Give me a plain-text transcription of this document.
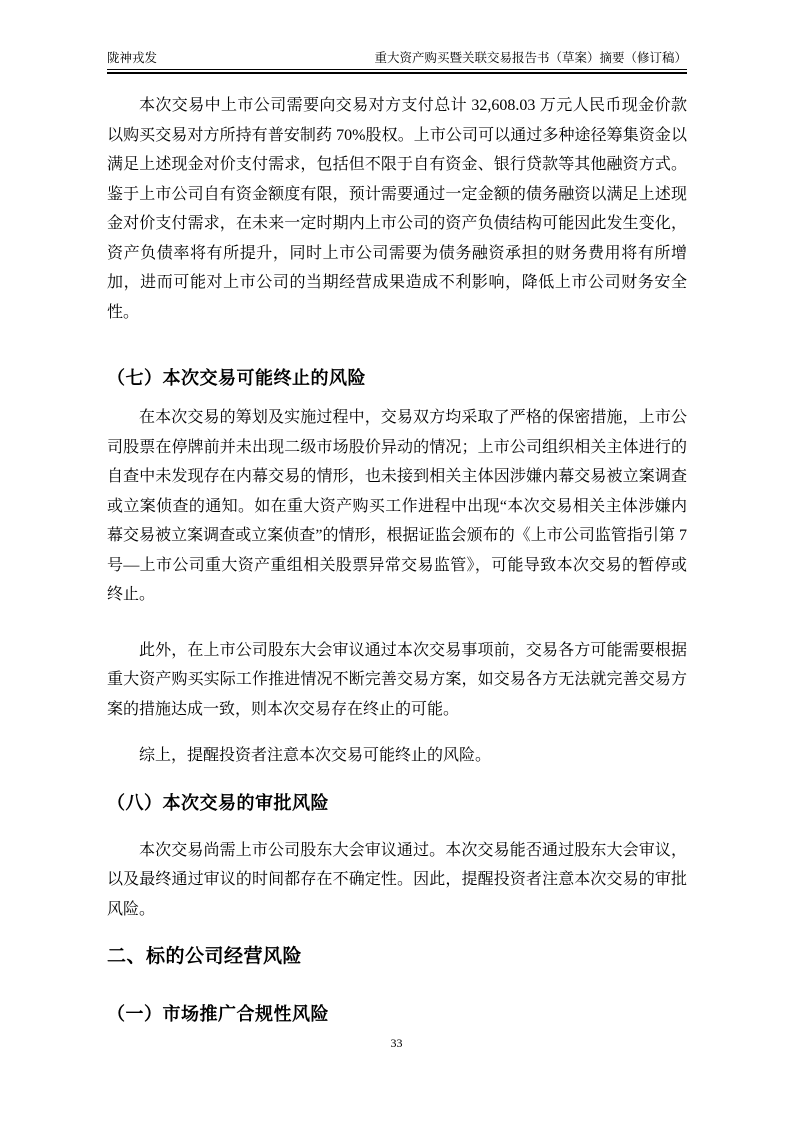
陇神戎发	重大资产购买暨关联交易报告书（草案）摘要（修订稿）

本次交易中上市公司需要向交易对方支付总计 32,608.03 万元人民币现金价款以购买交易对方所持有普安制药 70%股权。上市公司可以通过多种途径筹集资金以满足上述现金对价支付需求，包括但不限于自有资金、银行贷款等其他融资方式。鉴于上市公司自有资金额度有限，预计需要通过一定金额的债务融资以满足上述现金对价支付需求，在未来一定时期内上市公司的资产负债结构可能因此发生变化，资产负债率将有所提升，同时上市公司需要为债务融资承担的财务费用将有所增加，进而可能对上市公司的当期经营成果造成不利影响，降低上市公司财务安全性。

（七）本次交易可能终止的风险

在本次交易的筹划及实施过程中，交易双方均采取了严格的保密措施，上市公司股票在停牌前并未出现二级市场股价异动的情况；上市公司组织相关主体进行的自查中未发现存在内幕交易的情形，也未接到相关主体因涉嫌内幕交易被立案调查或立案侦查的通知。如在重大资产购买工作进程中出现“本次交易相关主体涉嫌内幕交易被立案调查或立案侦查”的情形，根据证监会颁布的《上市公司监管指引第 7 号—上市公司重大资产重组相关股票异常交易监管》，可能导致本次交易的暂停或终止。

此外，在上市公司股东大会审议通过本次交易事项前，交易各方可能需要根据重大资产购买实际工作推进情况不断完善交易方案，如交易各方无法就完善交易方案的措施达成一致，则本次交易存在终止的可能。

综上，提醒投资者注意本次交易可能终止的风险。

（八）本次交易的审批风险

本次交易尚需上市公司股东大会审议通过。本次交易能否通过股东大会审议，以及最终通过审议的时间都存在不确定性。因此，提醒投资者注意本次交易的审批风险。

二、标的公司经营风险
（一）市场推广合规性风险
33
